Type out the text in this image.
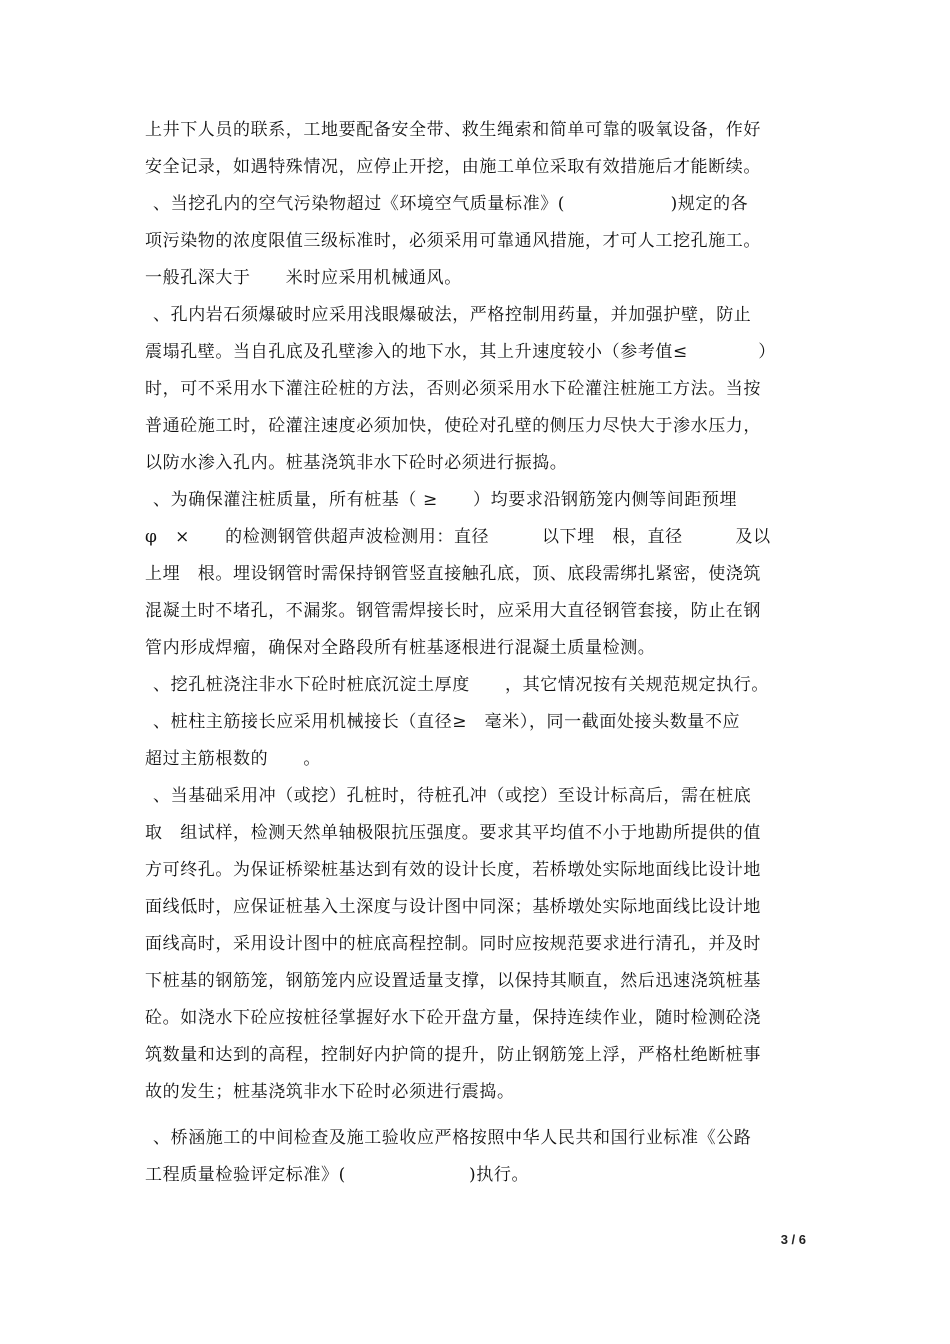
上井下人员的联系，工地要配备安全带、救生绳索和简单可靠的吸氧设备，作好
安全记录，如遇特殊情况，应停止开挖，由施工单位采取有效措施后才能断续。
、当挖孔内的空气污染物超过《环境空气质量标准》(　　　　　　)规定的各
项污染物的浓度限值三级标准时，必须采用可靠通风措施，才可人工挖孔施工。
一般孔深大于　　米时应采用机械通风。
、孔内岩石须爆破时应采用浅眼爆破法，严格控制用药量，并加强护壁，防止
震塌孔壁。当自孔底及孔壁渗入的地下水，其上升速度较小（参考值≤　　　　）
时，可不采用水下灌注砼桩的方法，否则必须采用水下砼灌注桩施工方法。当按
普通砼施工时，砼灌注速度必须加快，使砼对孔壁的侧压力尽快大于渗水压力，
以防水渗入孔内。桩基浇筑非水下砼时必须进行振捣。
、为确保灌注桩质量，所有桩基（ ≥　　）均要求沿钢筋笼内侧等间距预埋
φ　×　　的检测钢管供超声波检测用：直径　　　以下埋　根，直径　　　及以
上埋　根。埋设钢管时需保持钢管竖直接触孔底，顶、底段需绑扎紧密，使浇筑
混凝土时不堵孔，不漏浆。钢管需焊接长时，应采用大直径钢管套接，防止在钢
管内形成焊瘤，确保对全路段所有桩基逐根进行混凝土质量检测。
、挖孔桩浇注非水下砼时桩底沉淀土厚度　　，其它情况按有关规范规定执行。
、桩柱主筋接长应采用机械接长（直径≥　毫米），同一截面处接头数量不应
超过主筋根数的　　。
、当基础采用冲（或挖）孔桩时，待桩孔冲（或挖）至设计标高后，需在桩底
取　组试样，检测天然单轴极限抗压强度。要求其平均值不小于地勘所提供的值
方可终孔。为保证桥梁桩基达到有效的设计长度，若桥墩处实际地面线比设计地
面线低时，应保证桩基入土深度与设计图中同深；基桥墩处实际地面线比设计地
面线高时，采用设计图中的桩底高程控制。同时应按规范要求进行清孔，并及时
下桩基的钢筋笼，钢筋笼内应设置适量支撑，以保持其顺直，然后迅速浇筑桩基
砼。如浇水下砼应按桩径掌握好水下砼开盘方量，保持连续作业，随时检测砼浇
筑数量和达到的高程，控制好内护筒的提升，防止钢筋笼上浮，严格杜绝断桩事
故的发生；桩基浇筑非水下砼时必须进行震捣。
、桥涵施工的中间检查及施工验收应严格按照中华人民共和国行业标准《公路
工程质量检验评定标准》(　　　　　　　)执行。
3 / 6
